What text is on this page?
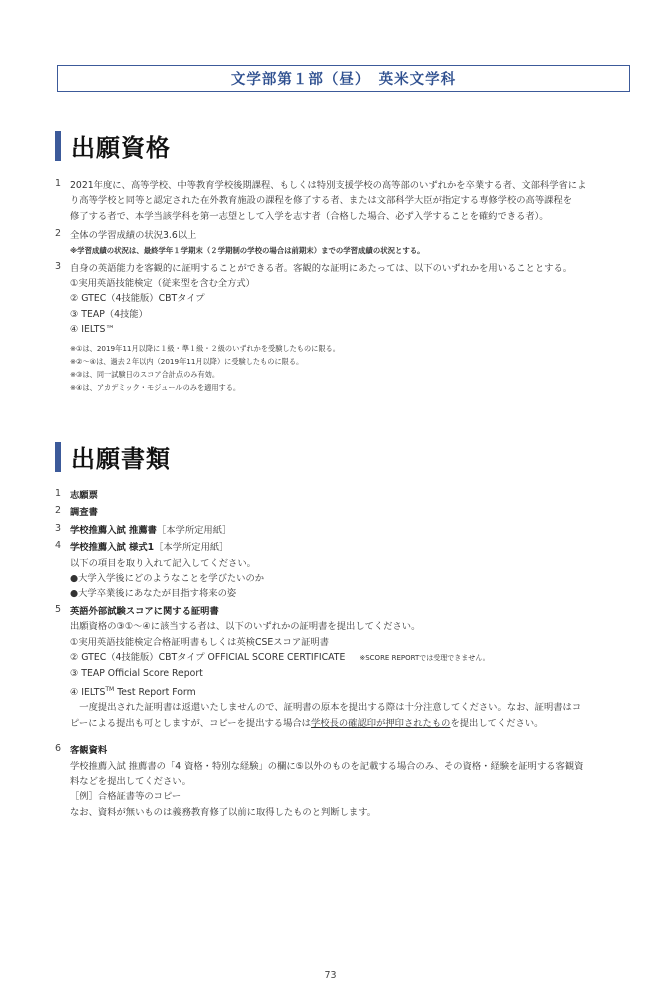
文学部第１部（昼）　英米文学科
出願資格
1 2021年度に、高等学校、中等教育学校後期課程、もしくは特別支援学校の高等部のいずれかを卒業する者、文部科学省によ
り高等学校と同等と認定された在外教育施設の課程を修了する者、または文部科学大臣が指定する専修学校の高等課程を
修了する者で、本学当該学科を第一志望として入学を志す者（合格した場合、必ず入学することを確約できる者）。
2 全体の学習成績の状況3.6以上
※学習成績の状況は、最終学年１学期末（２学期制の学校の場合は前期末）までの学習成績の状況とする。
3 自身の英語能力を客観的に証明することができる者。客観的な証明にあたっては、以下のいずれかを用いることとする。
①実用英語技能検定（従来型を含む全方式）
② GTEC（4技能版）CBTタイプ
③ TEAP（4技能）
④ IELTS™
※①は、2019年11月以降に１級・準１級・２級のいずれかを受験したものに限る。
※②～④は、過去２年以内（2019年11月以降）に受験したものに限る。
※③は、同一試験日のスコア合計点のみ有効。
※④は、アカデミック・モジュールのみを適用する。
出願書類
1 志願票
2 調査書
3 学校推薦入試 推薦書［本学所定用紙］
4 学校推薦入試 様式1［本学所定用紙］
以下の項目を取り入れて記入してください。
●大学入学後にどのようなことを学びたいのか
●大学卒業後にあなたが目指す将来の姿
5 英語外部試験スコアに関する証明書
出願資格の③①～④に該当する者は、以下のいずれかの証明書を提出してください。
①実用英語技能検定合格証明書もしくは英検CSEスコア証明書
② GTEC（4技能版）CBTタイプ OFFICIAL SCORE CERTIFICATE ※SCORE REPORTでは受理できません。
③ TEAP Official Score Report
④ IELTS™ Test Report Form
　一度提出された証明書は返還いたしませんので、証明書の原本を提出する際は十分注意してください。なお、証明書はコ
ピーによる提出も可としますが、コピーを提出する場合は学校長の確認印が押印されたものを提出してください。
6 客観資料
学校推薦入試 推薦書の「4 資格・特別な経験」の欄に⑤以外のものを記載する場合のみ、その資格・経験を証明する客観資
料などを提出してください。
［例］合格証書等のコピー
なお、資料が無いものは義務教育修了以前に取得したものと判断します。
73
